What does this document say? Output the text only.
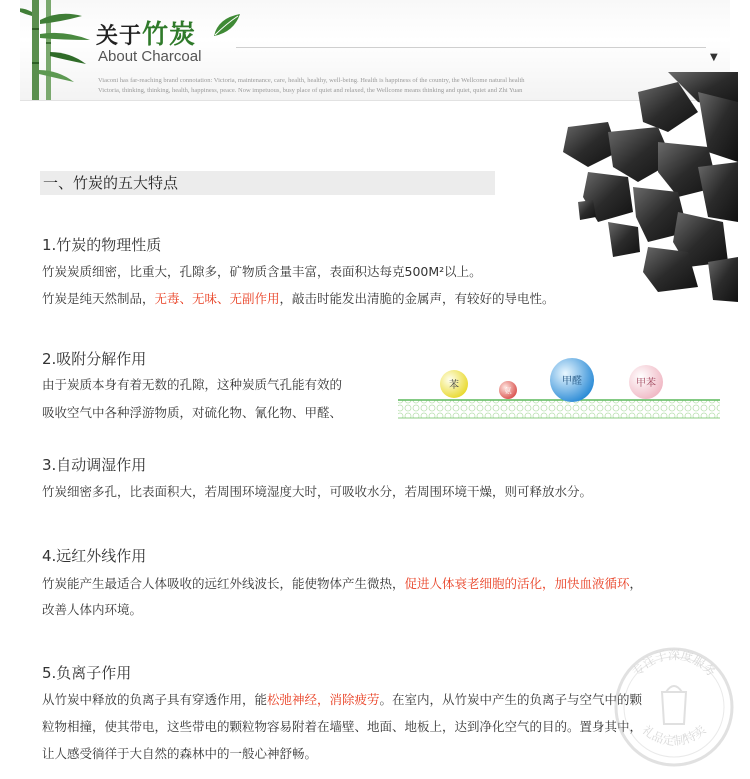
关于竹炭
About Charcoal	▼
Viaconi has far-reaching brand connotation: Victoria, maintenance, care, health, healthy, well-being. Health is happiness of the country, the Wellcome natural health
Victoria, thinking, thinking, health, happiness, peace. Now impetuous, busy place of quiet and relaxed, the Wellcome means thinking and quiet, quiet and Zhi Yuan
一、竹炭的五大特点
1.竹炭的物理性质
竹炭炭质细密，比重大，孔隙多，矿物质含量丰富，表面积达每克500M²以上。
竹炭是纯天然制品，无毒、无味、无副作用，敲击时能发出清脆的金属声，有较好的导电性。
2.吸附分解作用
由于炭质本身有着无数的孔隙，这种炭质气孔能有效的
吸收空气中各种浮游物质，对硫化物、氰化物、甲醛、
苯	氨
甲醛	甲苯
3.自动调湿作用
竹炭细密多孔，比表面积大，若周围环境湿度大时，可吸收水分，若周围环境干燥，则可释放水分。
4.远红外线作用
竹炭能产生最适合人体吸收的远红外线波长，能使物体产生微热，促进人体衰老细胞的活化，加快血液循环，
改善人体内环境。
5.负离子作用
从竹炭中释放的负离子具有穿透作用，能松弛神经，消除疲劳。在室内，从竹炭中产生的负离子与空气中的颗
粒物相撞，使其带电，这些带电的颗粒物容易附着在墙壁、地面、地板上，达到净化空气的目的。置身其中，
让人感受徜徉于大自然的森林中的一般心神舒畅。
专注于深度服务
礼品定制特卖
